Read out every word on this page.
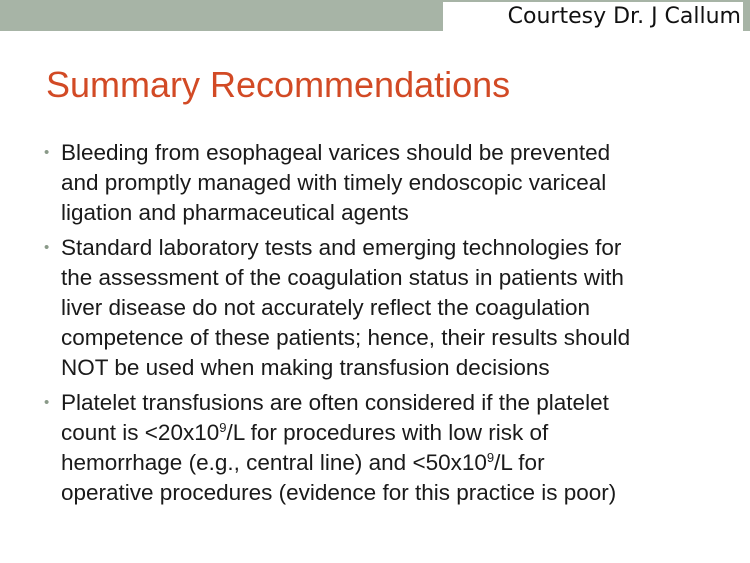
Courtesy Dr. J Callum
Summary Recommendations
• Bleeding from esophageal varices should be prevented
and promptly managed with timely endoscopic variceal
ligation and pharmaceutical agents
• Standard laboratory tests and emerging technologies for
the assessment of the coagulation status in patients with
liver disease do not accurately reflect the coagulation
competence of these patients; hence, their results should
NOT be used when making transfusion decisions
• Platelet transfusions are often considered if the platelet
count is $<20x10^9/L$ for procedures with low risk of
hemorrhage (e.g., central line) and $<50x10^9/L$ for
operative procedures (evidence for this practice is poor)
